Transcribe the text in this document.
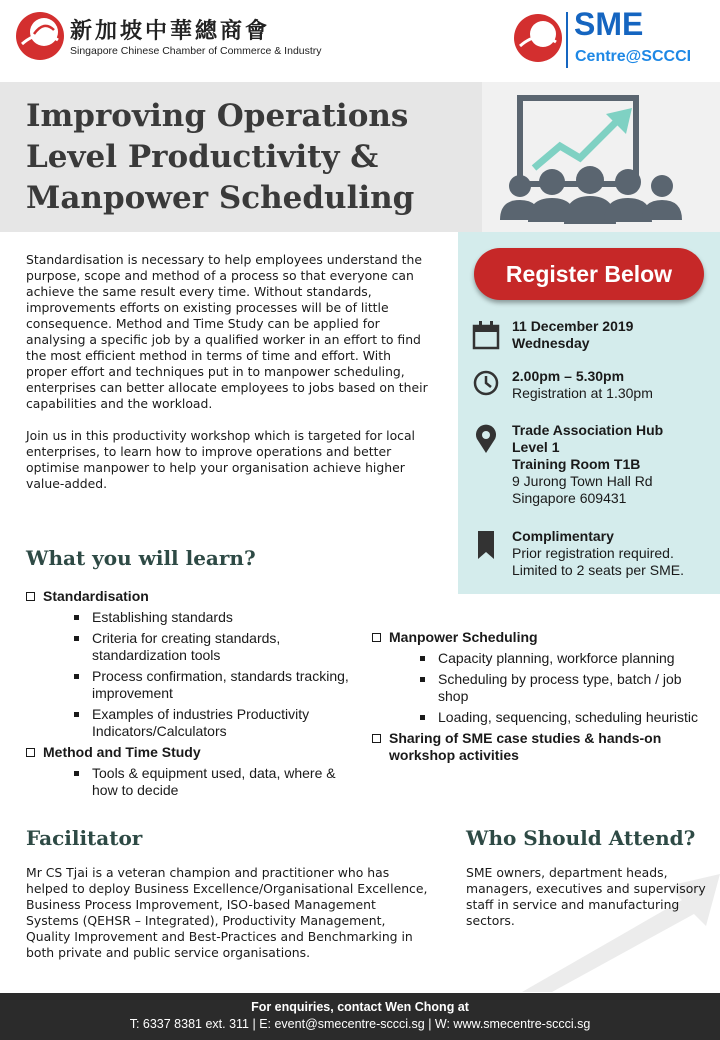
新加坡中華總商會
Singapore Chinese Chamber of Commerce & Industry
SME
Centre@SCCCI
Improving Operations
Level Productivity &
Manpower Scheduling
Register Below
11 December 2019
Wednesday
2.00pm – 5.30pm
Registration at 1.30pm
Trade Association Hub
Level 1
Training Room T1B
9 Jurong Town Hall Rd
Singapore 609431
Complimentary
Prior registration required.
Limited to 2 seats per SME.

Standardisation is necessary to help employees understand the purpose, scope and method of a process so that everyone can achieve the same result every time. Without standards, improvements efforts on existing processes will be of little consequence. Method and Time Study can be applied for analysing a specific job by a qualified worker in an effort to find the most efficient method in terms of time and effort. With proper effort and techniques put in to manpower scheduling, enterprises can better allocate employees to jobs based on their capabilities and the workload.

Join us in this productivity workshop which is targeted for local enterprises, to learn how to improve operations and better optimise manpower to help your organisation achieve higher value-added.

What you will learn?
Standardisation
Establishing standards
Criteria for creating standards, standardization tools
Process confirmation, standards tracking, improvement
Examples of industries Productivity Indicators/Calculators
Method and Time Study
Tools & equipment used, data, where & how to decide
Manpower Scheduling
Capacity planning, workforce planning
Scheduling by process type, batch / job shop
Loading, sequencing, scheduling heuristic
Sharing of SME case studies & hands-on workshop activities
Facilitator
Mr CS Tjai is a veteran champion and practitioner who has helped to deploy Business Excellence/Organisational Excellence, Business Process Improvement, ISO-based Management Systems (QEHSR – Integrated), Productivity Management, Quality Improvement and Best-Practices and Benchmarking in both private and public service organisations.
Who Should Attend?
SME owners, department heads, managers, executives and supervisory staff in service and manufacturing sectors.
For enquiries, contact Wen Chong at
T: 6337 8381 ext. 311 | E: event@smecentre-sccci.sg | W: www.smecentre-sccci.sg
